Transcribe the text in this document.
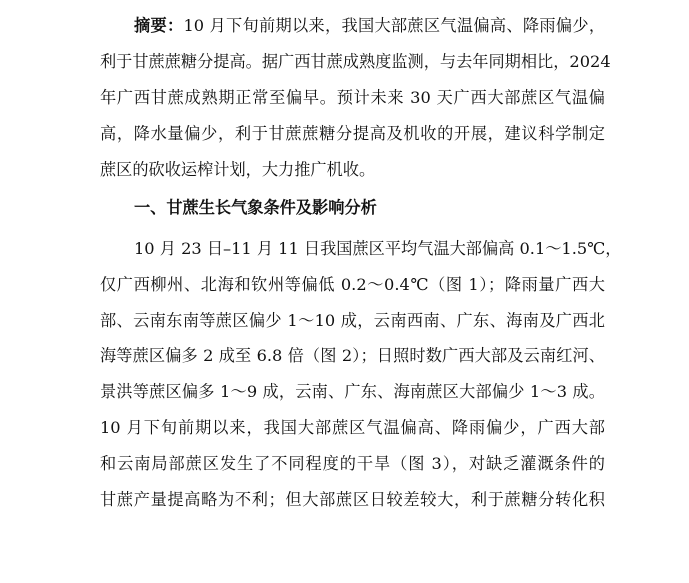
摘要：10 月下旬前期以来，我国大部蔗区气温偏高、降雨偏少，
利于甘蔗蔗糖分提高。据广西甘蔗成熟度监测，与去年同期相比，2024
年广西甘蔗成熟期正常至偏早。预计未来 30 天广西大部蔗区气温偏
高，降水量偏少，利于甘蔗蔗糖分提高及机收的开展，建议科学制定
蔗区的砍收运榨计划，大力推广机收。
一、甘蔗生长气象条件及影响分析
10 月 23 日–11 月 11 日我国蔗区平均气温大部偏高 0.1～1.5℃，
仅广西柳州、北海和钦州等偏低 0.2～0.4℃（图 1）；降雨量广西大
部、云南东南等蔗区偏少 1～10 成，云南西南、广东、海南及广西北
海等蔗区偏多 2 成至 6.8 倍（图 2）；日照时数广西大部及云南红河、
景洪等蔗区偏多 1～9 成，云南、广东、海南蔗区大部偏少 1～3 成。
10 月下旬前期以来，我国大部蔗区气温偏高、降雨偏少，广西大部
和云南局部蔗区发生了不同程度的干旱（图 3），对缺乏灌溉条件的
甘蔗产量提高略为不利；但大部蔗区日较差较大，利于蔗糖分转化积
